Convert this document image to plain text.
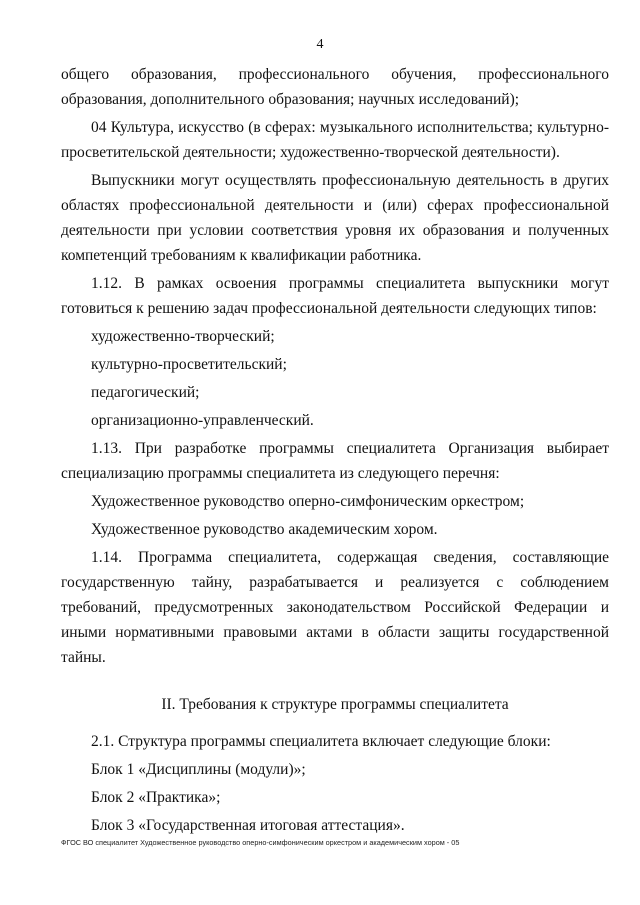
4

общего образования, профессионального обучения, профессионального образования, дополнительного образования; научных исследований);

04 Культура, искусство (в сферах: музыкального исполнительства; культурно-просветительской деятельности; художественно-творческой деятельности).

Выпускники могут осуществлять профессиональную деятельность в других областях профессиональной деятельности и (или) сферах профессиональной деятельности при условии соответствия уровня их образования и полученных компетенций требованиям к квалификации работника.

1.12. В рамках освоения программы специалитета выпускники могут готовиться к решению задач профессиональной деятельности следующих типов:

художественно-творческий;

культурно-просветительский;

педагогический;

организационно-управленческий.

1.13. При разработке программы специалитета Организация выбирает специализацию программы специалитета из следующего перечня:

Художественное руководство оперно-симфоническим оркестром;

Художественное руководство академическим хором.

1.14. Программа специалитета, содержащая сведения, составляющие государственную тайну, разрабатывается и реализуется с соблюдением требований, предусмотренных законодательством Российской Федерации и иными нормативными правовыми актами в области защиты государственной тайны.

II. Требования к структуре программы специалитета

2.1. Структура программы специалитета включает следующие блоки:

Блок 1 «Дисциплины (модули)»;

Блок 2 «Практика»;

Блок 3 «Государственная итоговая аттестация».

ФГОС ВО специалитет Художественное руководство оперно-симфоническим оркестром и академическим хором - 05
